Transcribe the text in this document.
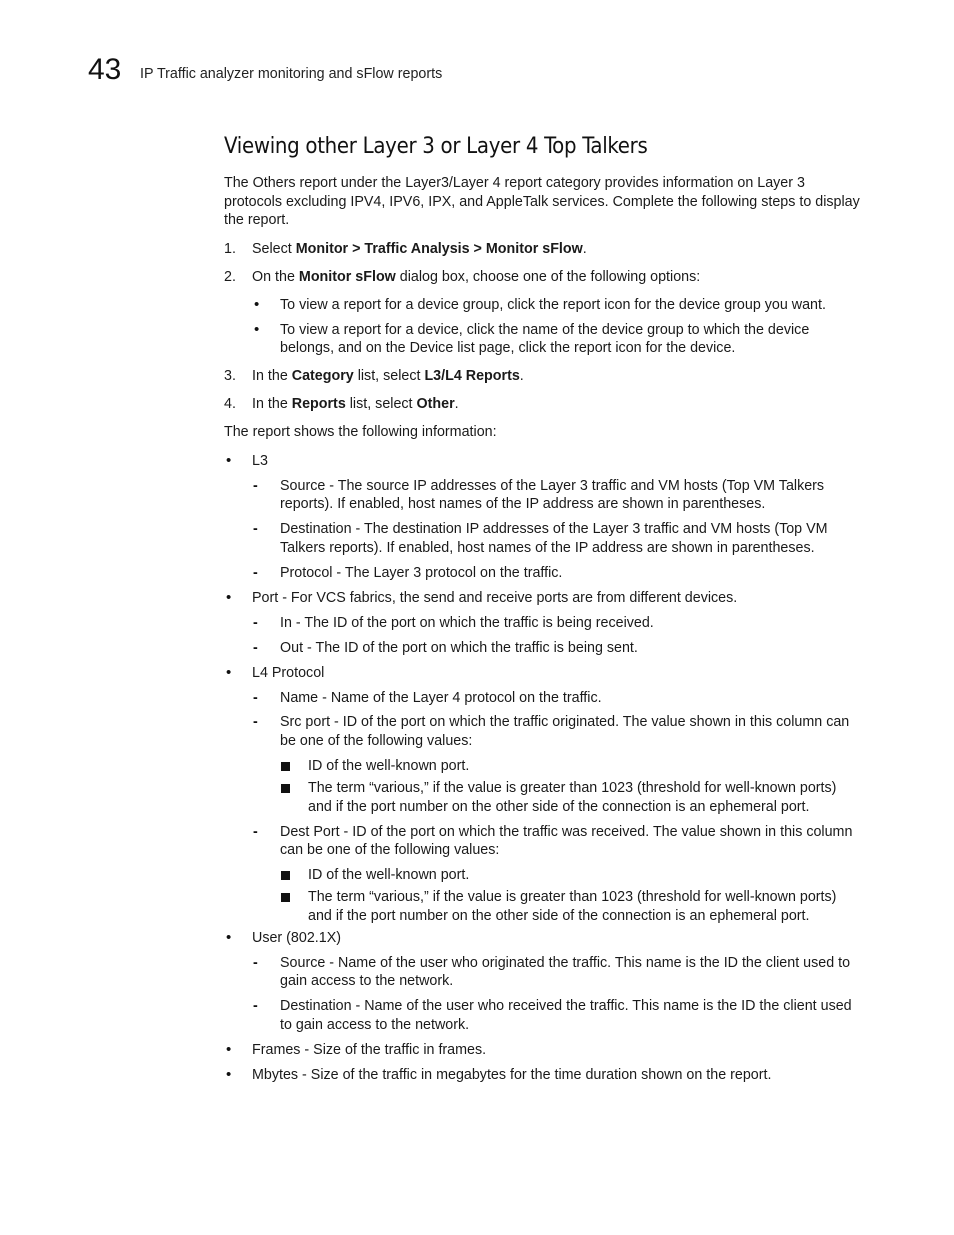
43 IP Traffic analyzer monitoring and sFlow reports
Viewing other Layer 3 or Layer 4 Top Talkers
The Others report under the Layer3/Layer 4 report category provides information on Layer 3
protocols excluding IPV4, IPV6, IPX, and AppleTalk services. Complete the following steps to display
the report.
1. Select Monitor > Traffic Analysis > Monitor sFlow.
2. On the Monitor sFlow dialog box, choose one of the following options:
• To view a report for a device group, click the report icon for the device group you want.
• To view a report for a device, click the name of the device group to which the device
belongs, and on the Device list page, click the report icon for the device.
3. In the Category list, select L3/L4 Reports.
4. In the Reports list, select Other.
The report shows the following information:
• L3
- Source - The source IP addresses of the Layer 3 traffic and VM hosts (Top VM Talkers
reports). If enabled, host names of the IP address are shown in parentheses.
- Destination - The destination IP addresses of the Layer 3 traffic and VM hosts (Top VM
Talkers reports). If enabled, host names of the IP address are shown in parentheses.
- Protocol - The Layer 3 protocol on the traffic.
• Port - For VCS fabrics, the send and receive ports are from different devices.
- In - The ID of the port on which the traffic is being received.
- Out - The ID of the port on which the traffic is being sent.
• L4 Protocol
- Name - Name of the Layer 4 protocol on the traffic.
- Src port - ID of the port on which the traffic originated. The value shown in this column can
be one of the following values:
ID of the well-known port.
The term “various,” if the value is greater than 1023 (threshold for well-known ports)
and if the port number on the other side of the connection is an ephemeral port.
- Dest Port - ID of the port on which the traffic was received. The value shown in this column
can be one of the following values:
ID of the well-known port.
The term “various,” if the value is greater than 1023 (threshold for well-known ports)
and if the port number on the other side of the connection is an ephemeral port.
• User (802.1X)
- Source - Name of the user who originated the traffic. This name is the ID the client used to
gain access to the network.
- Destination - Name of the user who received the traffic. This name is the ID the client used
to gain access to the network.
• Frames - Size of the traffic in frames.
• Mbytes - Size of the traffic in megabytes for the time duration shown on the report.
